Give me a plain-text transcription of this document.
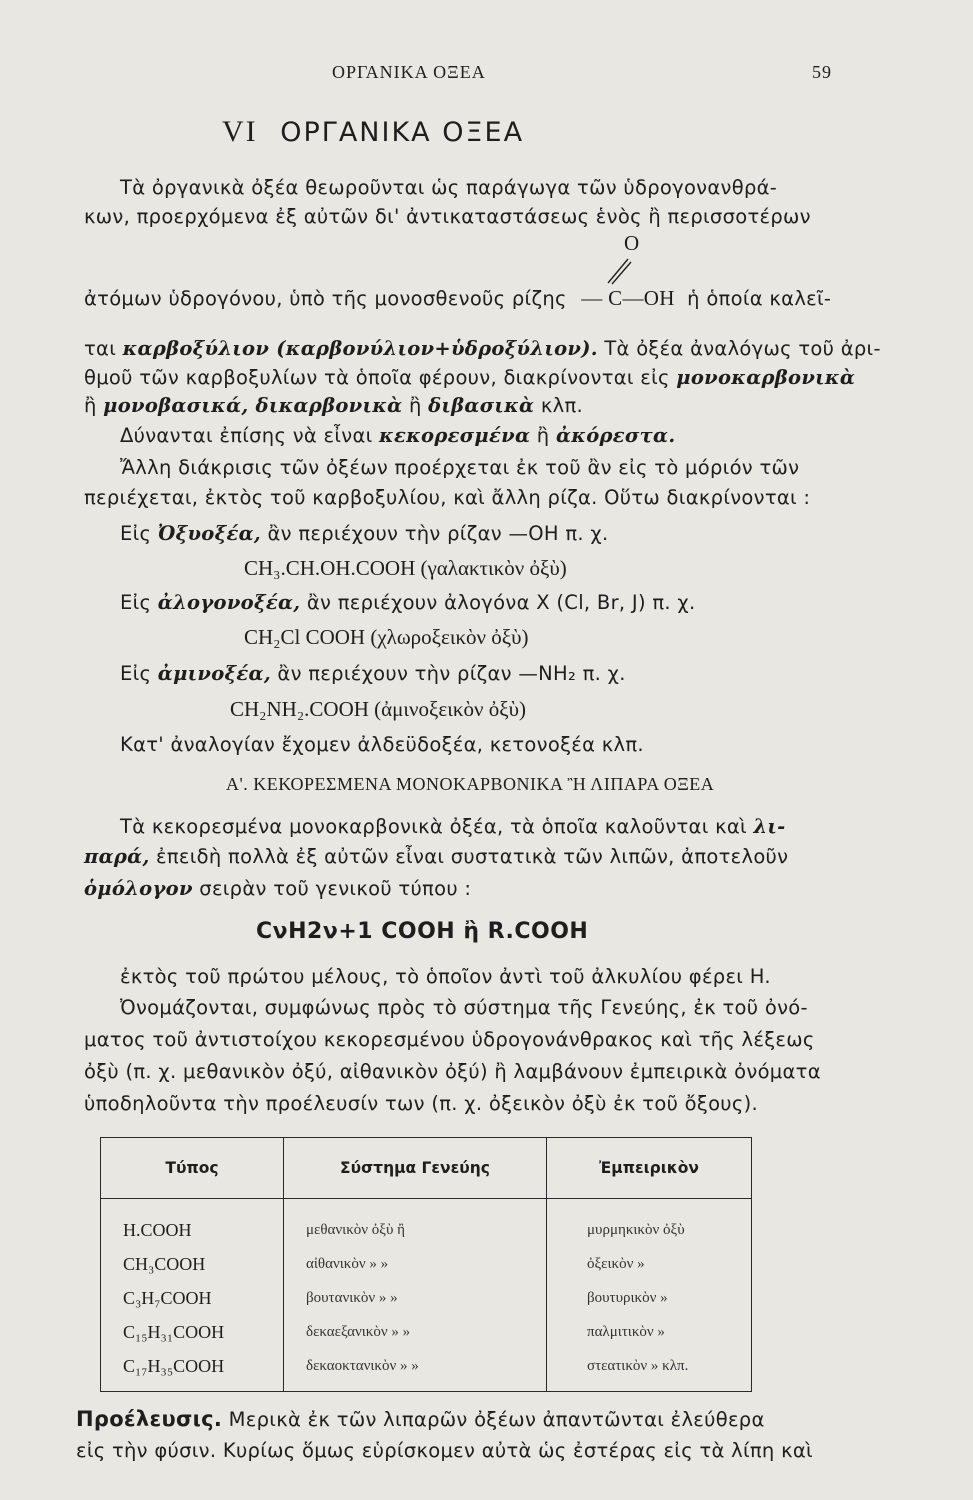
ΟΡΓΑΝΙΚΑ ΟΞΕΑ	59
VI ΟΡΓΑΝΙΚΑ ΟΞΕΑ
Τὰ ὀργανικὰ ὀξέα θεωροῦνται ὡς παράγωγα τῶν ὑδρογονανθρά-
κων, προερχόμενα ἐξ αὐτῶν δι' ἀντικαταστάσεως ἑνὸς ἢ περισσοτέρων
O
ἀτόμων ὑδρογόνου, ὑπὸ τῆς μονοσθενοῦς ρίζης — C—OH ἡ ὁποία καλεῖ-
ται καρβοξύλιον (καρβονύλιον+ὑδροξύλιον). Τὰ ὀξέα ἀναλόγως τοῦ ἀρι-
θμοῦ τῶν καρβοξυλίων τὰ ὁποῖα φέρουν, διακρίνονται εἰς μονοκαρβονικὰ
ἢ μονοβασικά, δικαρβονικὰ ἢ διβασικὰ κλπ.
Δύνανται ἐπίσης νὰ εἶναι κεκορεσμένα ἢ ἀκόρεστα.
Ἄλλη διάκρισις τῶν ὀξέων προέρχεται ἐκ τοῦ ἂν εἰς τὸ μόριόν τῶν
περιέχεται, ἐκτὸς τοῦ καρβοξυλίου, καὶ ἄλλη ρίζα. Οὕτω διακρίνονται :
Εἰς Ὀξυοξέα, ἂν περιέχουν τὴν ρίζαν —OH π. χ.
CH₃.CH.OH.COOH (γαλακτικὸν ὀξὺ)
Εἰς ἀλογονοξέα, ἂν περιέχουν ἀλογόνα X (Cl, Br, J) π. χ.
CH₂Cl COOH (χλωροξεικὸν ὀξὺ)
Εἰς ἀμινοξέα, ἂν περιέχουν τὴν ρίζαν —NH₂ π. χ.
CH₂NH₂.COOH (ἀμινοξεικὸν ὀξὺ)
Κατ' ἀναλογίαν ἔχομεν ἀλδεϋδοξέα, κετονοξέα κλπ.
Α'. ΚΕΚΟΡΕΣΜΕΝΑ ΜΟΝΟΚΑΡΒΟΝΙΚΑ Ἢ ΛΙΠΑΡΑ ΟΞΕΑ
Τὰ κεκορεσμένα μονοκαρβονικὰ ὀξέα, τὰ ὁποῖα καλοῦνται καὶ λι-
παρά, ἐπειδὴ πολλὰ ἐξ αὐτῶν εἶναι συστατικὰ τῶν λιπῶν, ἀποτελοῦν
ὁμόλογον σειρὰν τοῦ γενικοῦ τύπου :
CνH2ν+1 COOH ἢ R.COOH
ἐκτὸς τοῦ πρώτου μέλους, τὸ ὁποῖον ἀντὶ τοῦ ἀλκυλίου φέρει H.
Ὀνομάζονται, συμφώνως πρὸς τὸ σύστημα τῆς Γενεύης, ἐκ τοῦ ὀνό-
ματος τοῦ ἀντιστοίχου κεκορεσμένου ὑδρογονάνθρακος καὶ τῆς λέξεως
ὀξὺ (π. χ. μεθανικὸν ὀξύ, αἰθανικὸν ὀξύ) ἢ λαμβάνουν ἐμπειρικὰ ὀνόματα
ὑποδηλοῦντα τὴν προέλευσίν των (π. χ. ὀξεικὸν ὀξὺ ἐκ τοῦ ὄξους).
Τύπος	Σύστημα Γενεύης	Ἐμπειρικὸν
H.COOH	μεθανικὸν ὀξὺ ἢ	μυρμηκικὸν ὀξὺ
CH₃COOH	αἰθανικὸν » »	ὀξεικὸν »
C₃H₇COOH	βουτανικὸν » »	βουτυρικὸν »
C₁₅H₃₁COOH	δεκαεξανικὸν » »	παλμιτικὸν »
C₁₇H₃₅COOH	δεκαοκτανικὸν » »	στεατικὸν » κλπ.
Προέλευσις. Μερικὰ ἐκ τῶν λιπαρῶν ὀξέων ἀπαντῶνται ἐλεύθερα
εἰς τὴν φύσιν. Κυρίως ὅμως εὑρίσκομεν αὐτὰ ὡς ἐστέρας εἰς τὰ λίπη καὶ
